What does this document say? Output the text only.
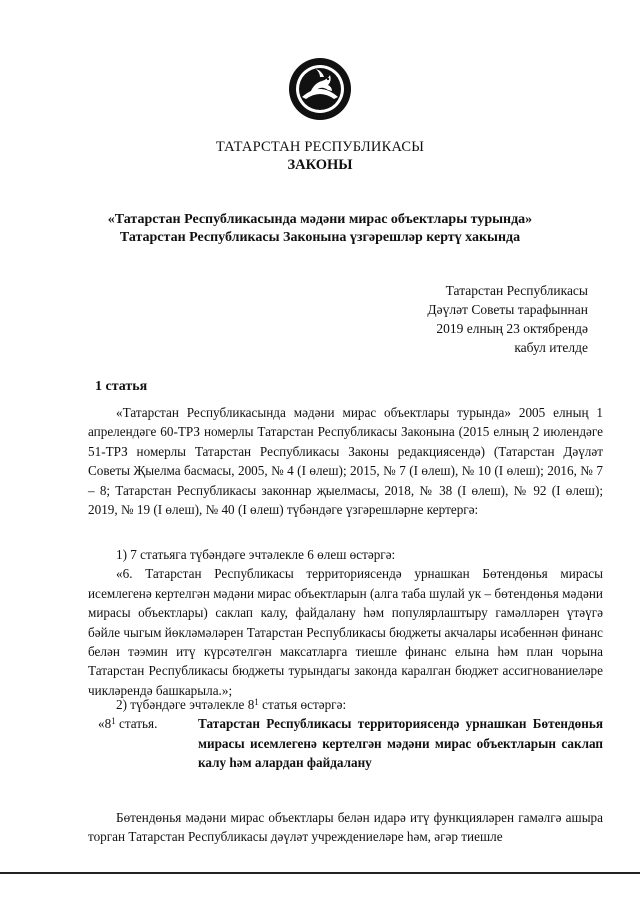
ТАТАРСТАН РЕСПУБЛИКАСЫ
ЗАКОНЫ
«Татарстан Республикасында мәдәни мирас объектлары турында»
Татарстан Республикасы Законына үзгәрешләр кертү хакында
Татарстан Республикасы
Дәүләт Советы тарафыннан
2019 елның 23 октябрендә
кабул ителде
1 статья
«Татарстан Республикасында мәдәни мирас объектлары турында» 2005 елның 1 апрелендәге 60-ТРЗ номерлы Татарстан Республикасы Законына (2015 елның 2 июлендәге 51-ТРЗ номерлы Татарстан Республикасы Законы редакциясендә) (Татарстан Дәүләт Советы Җыелма басмасы, 2005, № 4 (I өлеш); 2015, № 7 (I өлеш), № 10 (I өлеш); 2016, № 7 – 8; Татарстан Республикасы законнар җыелмасы, 2018, № 38 (I өлеш), № 92 (I өлеш); 2019, № 19 (I өлеш), № 40 (I өлеш) түбәндәге үзгәрешләрне кертергә:
1) 7 статьяга түбәндәге эчтәлекле 6 өлеш өстәргә:
«6. Татарстан Республикасы территориясендә урнашкан Бөтендөнья мирасы исемлегенә кертелгән мәдәни мирас объектларын (алга таба шулай ук – бөтендөнья мәдәни мирасы объектлары) саклап калу, файдалану һәм популярлаштыру гамәлләрен үтәүгә бәйле чыгым йөкләмәләрен Татарстан Республикасы бюджеты акчалары исәбеннән финанс белән тәэмин итү күрсәтелгән максатларга тиешле финанс елына һәм план чорына Татарстан Республикасы бюджеты турындагы законда каралган бюджет ассигнованиеләре чикләрендә башкарыла.»;
2) түбәндәге эчтәлекле $8^1$ статья өстәргә:
«$8^1$ статья.	Татарстан Республикасы территориясендә урнашкан Бөтендөнья мирасы исемлегенә кертелгән мәдәни мирас объектларын саклап калу һәм алардан файдалану
Бөтендөнья мәдәни мирас объектлары белән идарә итү функцияләрен гамәлгә ашыра торган Татарстан Республикасы дәүләт учреждениеләре һәм, әгәр тиешле
